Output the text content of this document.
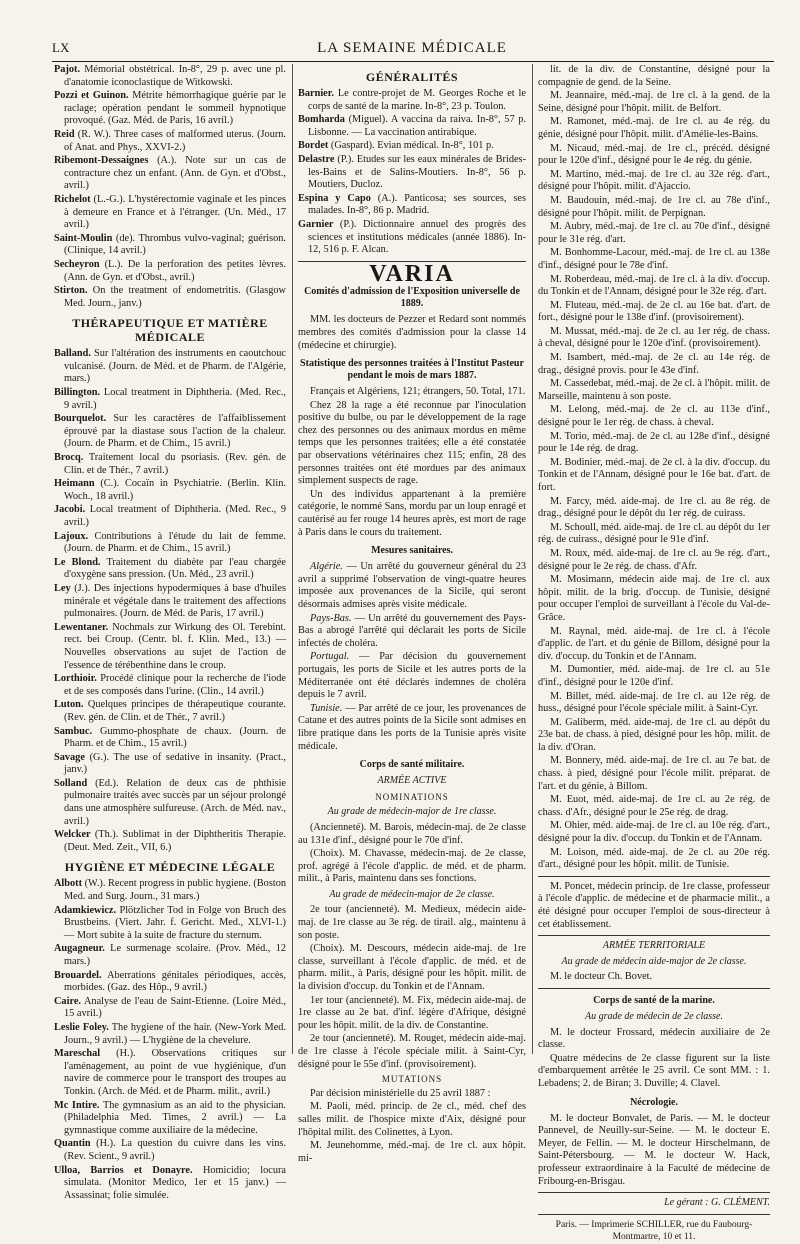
LX	LA SEMAINE MÉDICALE
Pajot. Mémorial obstétrical. In-8°, 29 p. avec une pl. d'anatomie iconoclastique de Witkowski.
Pozzi et Guinon. Métrite hémorrhagique guérie par le raclage; opération pendant le sommeil hypnotique provoqué. (Gaz. Méd. de Paris, 16 avril.)
Reid (R. W.). Three cases of malformed uterus. (Journ. of Anat. and Phys., XXVI-2.)
Ribemont-Dessaignes (A.). Note sur un cas de contracture chez un enfant. (Ann. de Gyn. et d'Obst., avril.)
Richelot (L.-G.). L'hystérectomie vaginale et les pinces à demeure en France et à l'étranger. (Un. Méd., 17 avril.)
Saint-Moulin (de). Thrombus vulvo-vaginal; guérison. (Clinique, 14 avril.)
Secheyron (L.). De la perforation des petites lèvres. (Ann. de Gyn. et d'Obst., avril.)
Stirton. On the treatment of endometritis. (Glasgow Med. Journ., janv.)
THÉRAPEUTIQUE ET MATIÈRE MÉDICALE
Balland. Sur l'altération des instruments en caoutchouc vulcanisé. (Journ. de Méd. et de Pharm. de l'Algérie, mars.)
Billington. Local treatment in Diphtheria. (Med. Rec., 9 avril.)
Bourquelot. Sur les caractères de l'affaiblissement éprouvé par la diastase sous l'action de la chaleur. (Journ. de Pharm. et de Chim., 15 avril.)
Brocq. Traitement local du psoriasis. (Rev. gén. de Clin. et de Thér., 7 avril.)
Heimann (C.). Cocaïn in Psychiatrie. (Berlin. Klin. Woch., 18 avril.)
Jacobi. Local treatment of Diphtheria. (Med. Rec., 9 avril.)
Lajoux. Contributions à l'étude du lait de femme. (Journ. de Pharm. et de Chim., 15 avril.)
Le Blond. Traitement du diabète par l'eau chargée d'oxygène sans pression. (Un. Méd., 23 avril.)
Ley (J.). Des injections hypodermiques à base d'huiles minérale et végétale dans le traitement des affections pulmonaires. (Journ. de Méd. de Paris, 17 avril.)
Lewentaner. Nochmals zur Wirkung des Ol. Terebint. rect. bei Croup. (Centr. bl. f. Klin. Med., 13.) — Nouvelles observations au sujet de l'action de l'essence de térébenthine dans le croup.
Lorthioir. Procédé clinique pour la recherche de l'iode et de ses composés dans l'urine. (Clin., 14 avril.)
Luton. Quelques principes de thérapeutique courante. (Rev. gén. de Clin. et de Thér., 7 avril.)
Sambuc. Gummo-phosphate de chaux. (Journ. de Pharm. et de Chim., 15 avril.)
Savage (G.). The use of sedative in insanity. (Pract., janv.)
Solland (Ed.). Relation de deux cas de phthisie pulmonaire traités avec succès par un séjour prolongé dans une atmosphère sulfureuse. (Arch. de Méd. nav., avril.)
Welcker (Th.). Sublimat in der Diphtheritis Therapie. (Deut. Med. Zeit., VII, 6.)
HYGIÈNE ET MÉDECINE LÉGALE
Albott (W.). Recent progress in public hygiene. (Boston Med. and Surg. Journ., 31 mars.)
Adamkiewicz. Plötzlicher Tod in Folge von Bruch des Brustbeins. (Viert. Jahr. f. Gericht. Med., XLVI-1.) — Mort subite à la suite de fracture du sternum.
Augagneur. Le surmenage scolaire. (Prov. Méd., 12 mars.)
Brouardel. Aberrations génitales périodiques, accès, morbides. (Gaz. des Hôp., 9 avril.)
Caire. Analyse de l'eau de Saint-Etienne. (Loire Méd., 15 avril.)
Leslie Foley. The hygiene of the hair. (New-York Med. Journ., 9 avril.) — L'hygiène de la chevelure.
Mareschal (H.). Observations critiques sur l'aménagement, au point de vue hygiénique, d'un navire de commerce pour le transport des troupes au Tonkin. (Arch. de Méd. et de Pharm. milit., avril.)
Mc Intire. The gymnasium as an aid to the physician. (Philadelphia Med. Times, 2 avril.) — La gymnastique comme auxiliaire de la médecine.
Quantin (H.). La question du cuivre dans les vins. (Rev. Scient., 9 avril.)
Ulloa, Barrios et Donayre. Homicidio; locura simulata. (Monitor Medico, 1er et 15 janv.) — Assassinat; folie simulée.
GÉNÉRALITÉS
Barnier. Le contre-projet de M. Georges Roche et le corps de santé de la marine. In-8°, 23 p. Toulon.
Bomharda (Miguel). A vaccina da raiva. In-8°, 57 p. Lisbonne. — La vaccination antirabique.
Bordet (Gaspard). Evian médical. In-8°, 101 p.
Delastre (P.). Etudes sur les eaux minérales de Brides-les-Bains et de Salins-Moutiers. In-8°, 56 p. Moutiers, Ducloz.
Espina y Capo (A.). Panticosa; ses sources, ses malades. In-8°, 86 p. Madrid.
Garnier (P.). Dictionnaire annuel des progrès des sciences et institutions médicales (année 1886). In-12, 516 p. F. Alcan.
VARIA
Comités d'admission de l'Exposition universelle de 1889.
MM. les docteurs de Pezzer et Redard sont nommés membres des comités d'admission pour la classe 14 (médecine et chirurgie).
Statistique des personnes traitées à l'Institut Pasteur pendant le mois de mars 1887.
Français et Algériens, 121; étrangers, 50. Total, 171.
Chez 28 la rage a été reconnue par l'inoculation positive du bulbe, ou par le développement de la rage chez des personnes ou des animaux mordus en même temps que les personnes traitées; elle a été constatée par observations vétérinaires chez 115; enfin, 28 des personnes traitées ont été mordues par des animaux simplement suspects de rage.
Un des individus appartenant à la première catégorie, le nommé Sans, mordu par un loup enragé et cautérisé au fer rouge 14 heures après, est mort de rage à Paris dans le cours du traitement.
Mesures sanitaires.
Algérie. — Un arrêté du gouverneur général du 23 avril a supprimé l'observation de vingt-quatre heures imposée aux provenances de la Sicile, qui seront désormais admises après visite médicale.
Pays-Bas. — Un arrêté du gouvernement des Pays-Bas a abrogé l'arrêté qui déclarait les ports de Sicile infectés de choléra.
Portugal. — Par décision du gouvernement portugais, les ports de Sicile et les autres ports de la Méditerranée ont été déclarés indemnes de choléra depuis le 7 avril.
Tunisie. — Par arrêté de ce jour, les provenances de Catane et des autres points de la Sicile sont admises en libre pratique dans les ports de la Tunisie après visite médicale.
Corps de santé militaire.
ARMÉE ACTIVE
NOMINATIONS
Au grade de médecin-major de 1re classe.
(Ancienneté). M. Barois, médecin-maj. de 2e classe au 131e d'inf., désigné pour le 70e d'inf.
(Choix). M. Chavasse, médecin-maj. de 2e classe, prof. agrégé à l'école d'applic. de méd. et de pharm. milit., à Paris, maintenu dans ses fonctions.
Au grade de médecin-major de 2e classe.
2e tour (ancienneté). M. Medieux, médecin aide-maj. de 1re classe au 3e rég. de tirail. alg., maintenu à son poste.
(Choix). M. Descours, médecin aide-maj. de 1re classe, surveillant à l'école d'applic. de méd. et de pharm. milit., à Paris, désigné pour les hôpit. milit. de la division d'occup. du Tonkin et de l'Annam.
1er tour (ancienneté). M. Fix, médecin aide-maj. de 1re classe au 2e bat. d'inf. légère d'Afrique, désigné pour les hôpit. milit. de la div. de Constantine.
2e tour (ancienneté). M. Rouget, médecin aide-maj. de 1re classe à l'école spéciale milit. à Saint-Cyr, désigné pour le 55e d'inf. (provisoirement).
MUTATIONS
Par décision ministérielle du 25 avril 1887 :
M. Paoli, méd. princip. de 2e cl., méd. chef des salles milit. de l'hospice mixte d'Aix, désigné pour l'hôpital milit. des Colinettes, à Lyon.
M. Jeunehomme, méd.-maj. de 1re cl. aux hôpit. mi-
lit. de la div. de Constantine, désigné pour la compagnie de gend. de la Seine.
M. Jeannaire, méd.-maj. de 1re cl. à la gend. de la Seine, désigné pour l'hôpit. milit. de Belfort.
M. Ramonet, méd.-maj. de 1re cl. au 4e rég. du génie, désigné pour l'hôpit. milit. d'Amélie-les-Bains.
M. Nicaud, méd.-maj. de 1re cl., précéd. désigné pour le 120e d'inf., désigné pour le 4e rég. du génie.
M. Martino, méd.-maj. de 1re cl. au 32e rég. d'art., désigné pour l'hôpit. milit. d'Ajaccio.
M. Baudouin, méd.-maj. de 1re cl. au 78e d'inf., désigné pour l'hôpit. milit. de Perpignan.
M. Aubry, méd.-maj. de 1re cl. au 70e d'inf., désigné pour le 31e rég. d'art.
M. Bonhomme-Lacour, méd.-maj. de 1re cl. au 138e d'inf., désigné pour le 78e d'inf.
M. Roberdeau, méd.-maj. de 1re cl. à la div. d'occup. du Tonkin et de l'Annam, désigné pour le 32e rég. d'art.
M. Fluteau, méd.-maj. de 2e cl. au 16e bat. d'art. de fort., désigné pour le 138e d'inf. (provisoirement).
M. Mussat, méd.-maj. de 2e cl. au 1er rég. de chass. à cheval, désigné pour le 120e d'inf. (provisoirement).
M. Isambert, méd.-maj. de 2e cl. au 14e rég. de drag., désigné provis. pour le 43e d'inf.
M. Cassedebat, méd.-maj. de 2e cl. à l'hôpit. milit. de Marseille, maintenu à son poste.
M. Lelong, méd.-maj. de 2e cl. au 113e d'inf., désigné pour le 1er rég. de chass. à cheval.
M. Torio, méd.-maj. de 2e cl. au 128e d'inf., désigné pour le 14e rég. de drag.
M. Bodinier, méd.-maj. de 2e cl. à la div. d'occup. du Tonkin et de l'Annam, désigné pour le 16e bat. d'art. de fort.
M. Farcy, méd. aide-maj. de 1re cl. au 8e rég. de drag., désigné pour le dépôt du 1er rég. de cuirass.
M. Schoull, méd. aide-maj. de 1re cl. au dépôt du 1er rég. de cuirass., désigné pour le 91e d'inf.
M. Roux, méd. aide-maj. de 1re cl. au 9e rég. d'art., désigné pour le 2e rég. de chass. d'Afr.
M. Mosimann, médecin aide maj. de 1re cl. aux hôpit. milit. de la brig. d'occup. de Tunisie, désigné pour occuper l'emploi de surveillant à l'école du Val-de-Grâce.
M. Raynal, méd. aide-maj. de 1re cl. à l'école d'applic. de l'art. et du génie de Billom, désigné pour la div. d'occup. du Tonkin et de l'Annam.
M. Dumontier, méd. aide-maj. de 1re cl. au 51e d'inf., désigné pour le 120e d'inf.
M. Billet, méd. aide-maj. de 1re cl. au 12e rég. de huss., désigné pour l'école spéciale milit. à Saint-Cyr.
M. Galiberm, méd. aide-maj. de 1re cl. au dépôt du 23e bat. de chass. à pied, désigné pour les hôp. milit. de la div. d'Oran.
M. Bonnery, méd. aide-maj. de 1re cl. au 7e bat. de chass. à pied, désigné pour l'école milit. préparat. de l'art. et du génie, à Billom.
M. Euot, méd. aide-maj. de 1re cl. au 2e rég. de chass. d'Afr., désigné pour le 25e rég. de drag.
M. Ohier, méd. aide-maj. de 1re cl. au 10e rég. d'art., désigné pour la div. d'occup. du Tonkin et de l'Annam.
M. Loison, méd. aide-maj. de 2e cl. au 20e rég. d'art., désigné pour les hôpit. milit. de Tunisie.
M. Poncet, médecin princip. de 1re classe, professeur à l'école d'applic. de médecine et de pharmacie milit., a été désigné pour occuper l'emploi de sous-directeur à cet établissement.
ARMÉE TERRITORIALE
Au grade de médecin aide-major de 2e classe.
M. le docteur Ch. Bovet.
Corps de santé de la marine.
Au grade de médecin de 2e classe.
M. le docteur Frossard, médecin auxiliaire de 2e classe.
Quatre médecins de 2e classe figurent sur la liste d'embarquement arrêtée le 25 avril. Ce sont MM. : 1. Lebadens; 2. de Biran; 3. Duville; 4. Clavel.
Nécrologie.
M. le docteur Bonvalet, de Paris. — M. le docteur Pannevel, de Neuilly-sur-Seine. — M. le docteur E. Meyer, de Fellin. — M. le docteur Hirschelmann, de Saint-Pétersbourg. — M. le docteur W. Hack, professeur extraordinaire à la Faculté de médecine de Fribourg-en-Brisgau.
Le gérant : G. CLÉMENT.
Paris. — Imprimerie SCHILLER, rue du Faubourg-Montmartre, 10 et 11.
